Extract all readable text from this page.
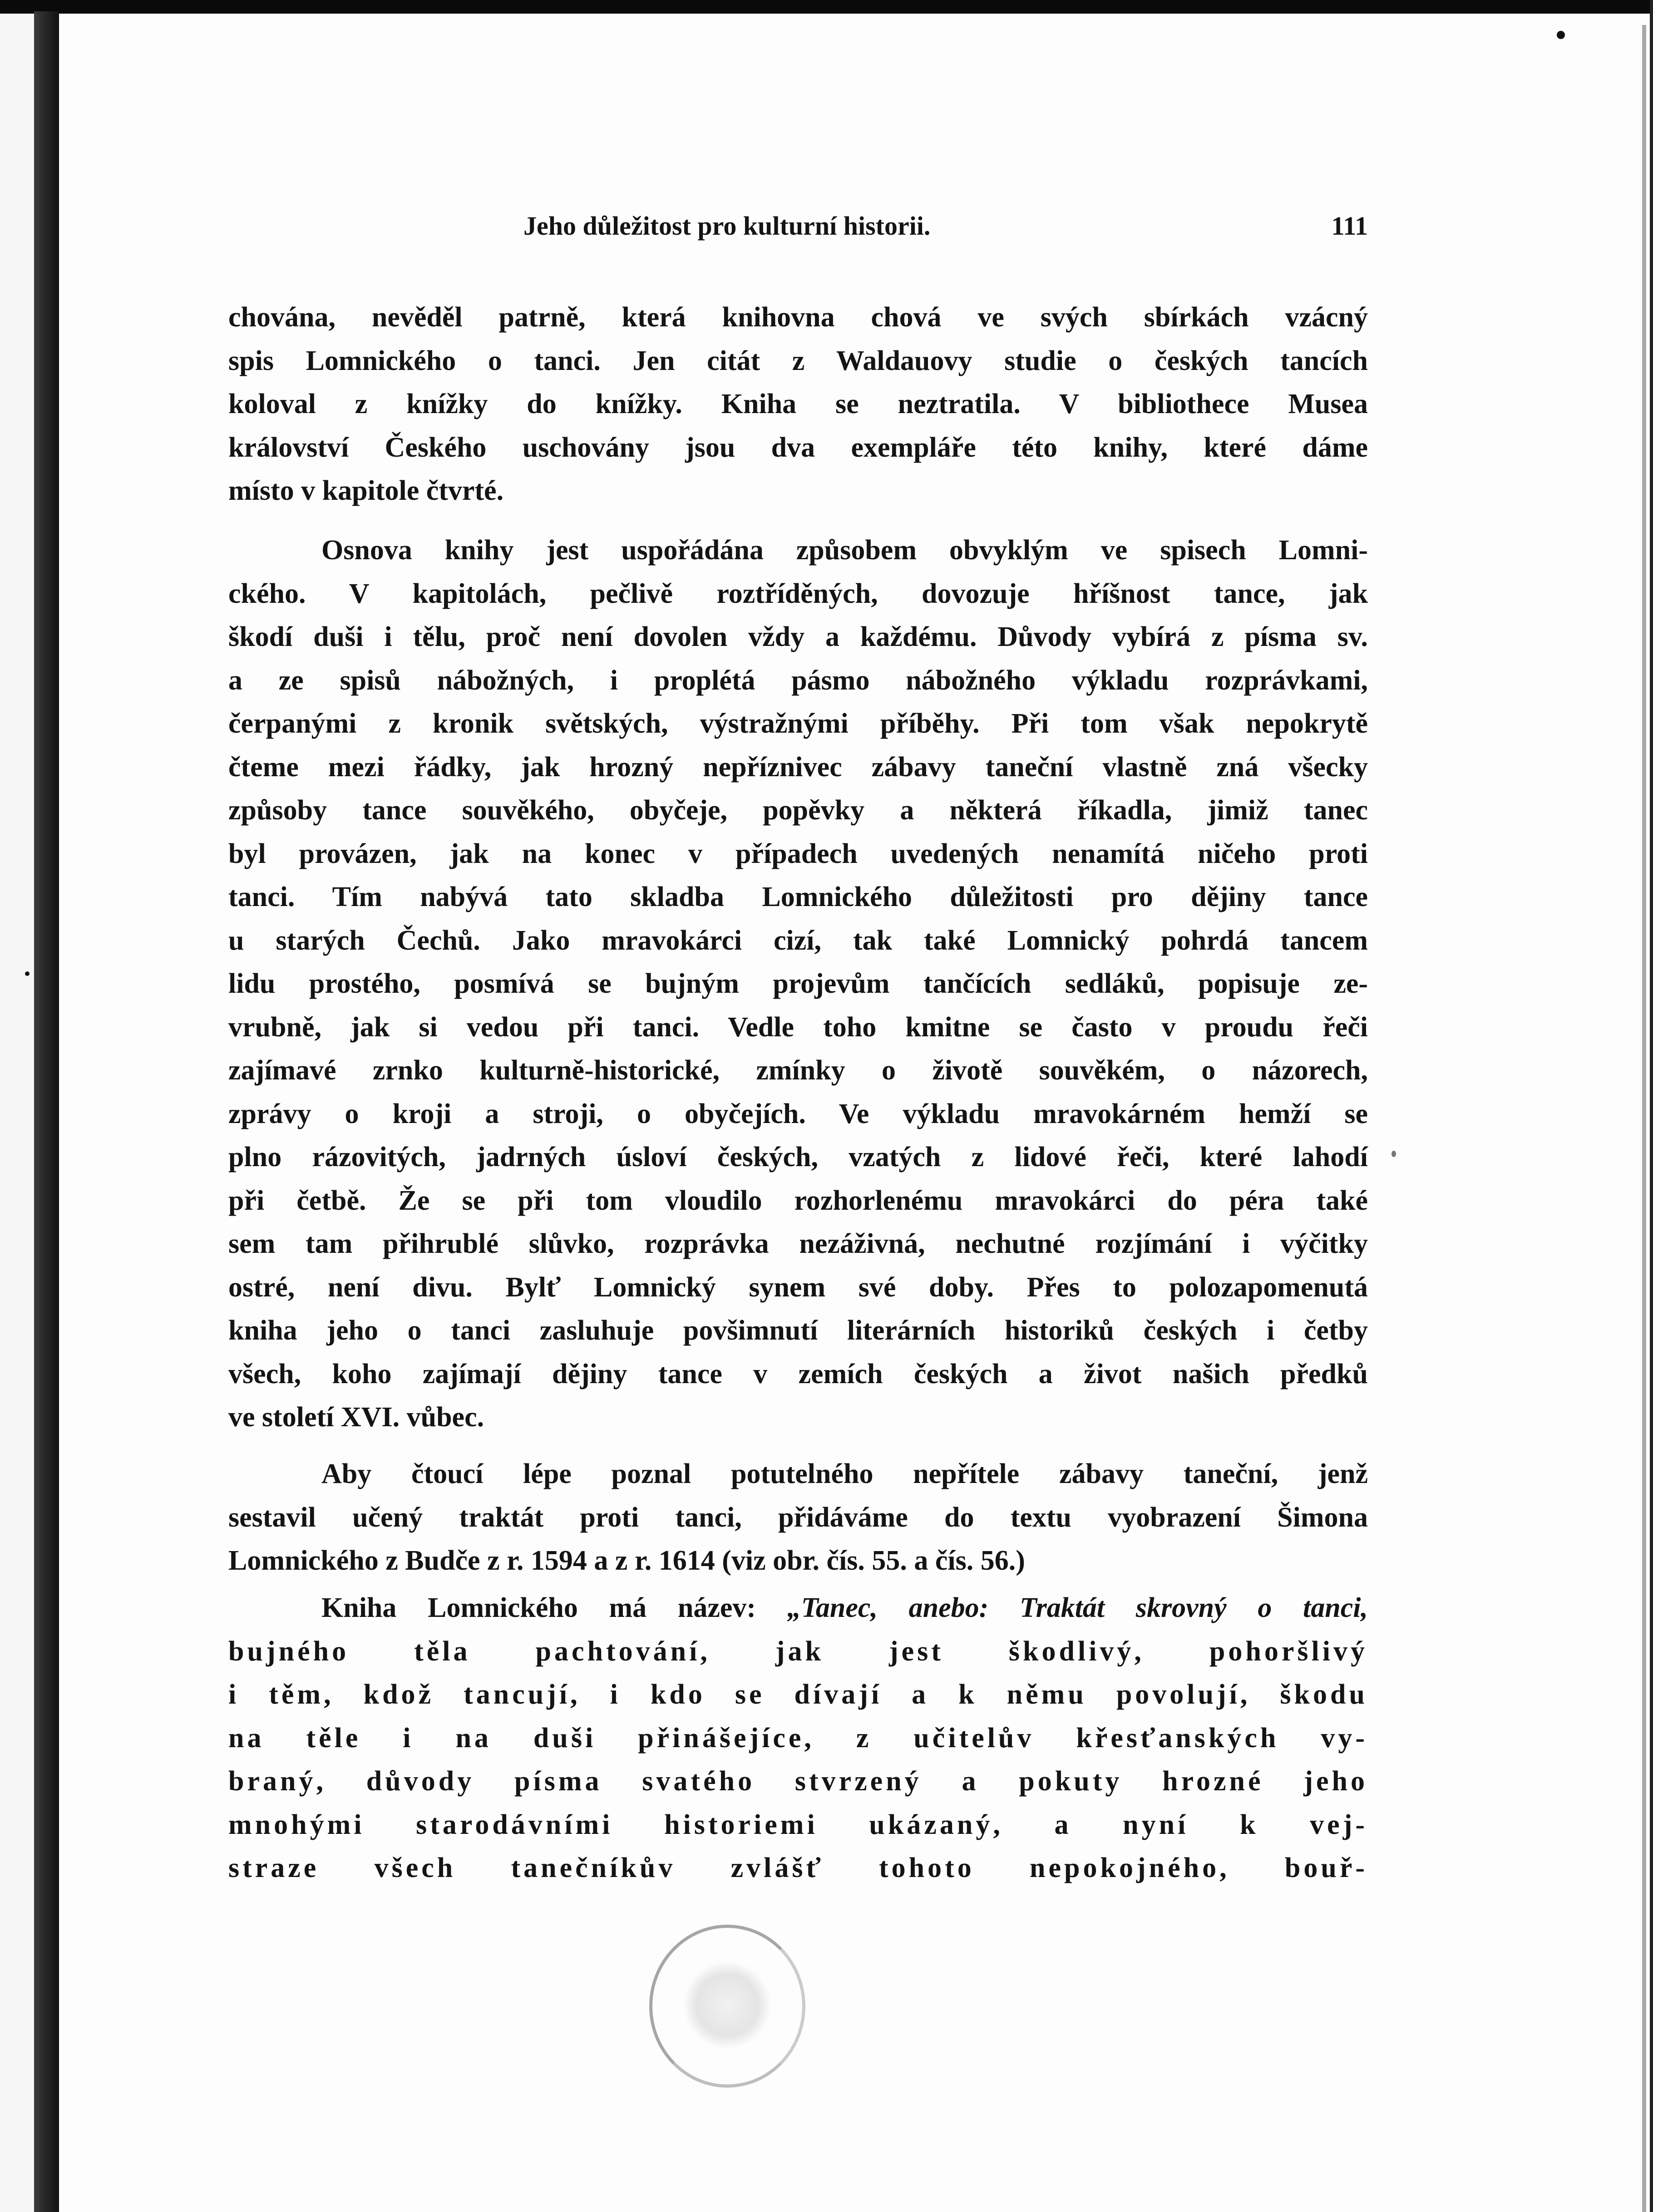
Jeho důležitost pro kulturní historii.	111
chována, nevěděl patrně, která knihovna chová ve svých sbírkách vzácný
spis Lomnického o tanci. Jen citát z Waldauovy studie o českých tancích
koloval z knížky do knížky. Kniha se neztratila. V bibliothece Musea
království Českého uschovány jsou dva exempláře této knihy, které dáme
místo v kapitole čtvrté.
Osnova knihy jest uspořádána způsobem obvyklým ve spisech Lomni-
ckého. V kapitolách, pečlivě roztříděných, dovozuje hříšnost tance, jak
škodí duši i tělu, proč není dovolen vždy a každému. Důvody vybírá z písma sv.
a ze spisů nábožných, i proplétá pásmo nábožného výkladu rozprávkami,
čerpanými z kronik světských, výstražnými příběhy. Při tom však nepokrytě
čteme mezi řádky, jak hrozný nepříznivec zábavy taneční vlastně zná všecky
způsoby tance souvěkého, obyčeje, popěvky a některá říkadla, jimiž tanec
byl provázen, jak na konec v případech uvedených nenamítá ničeho proti
tanci. Tím nabývá tato skladba Lomnického důležitosti pro dějiny tance
u starých Čechů. Jako mravokárci cizí, tak také Lomnický pohrdá tancem
lidu prostého, posmívá se bujným projevům tančících sedláků, popisuje ze-
vrubně, jak si vedou při tanci. Vedle toho kmitne se často v proudu řeči
zajímavé zrnko kulturně-historické, zmínky o životě souvěkém, o názorech,
zprávy o kroji a stroji, o obyčejích. Ve výkladu mravokárném hemží se
plno rázovitých, jadrných úsloví českých, vzatých z lidové řeči, které lahodí
při četbě. Že se při tom vloudilo rozhorlenému mravokárci do péra také
sem tam přihrublé slůvko, rozprávka nezáživná, nechutné rozjímání i výčitky
ostré, není divu. Bylť Lomnický synem své doby. Přes to polozapomenutá
kniha jeho o tanci zasluhuje povšimnutí literárních historiků českých i četby
všech, koho zajímají dějiny tance v zemích českých a život našich předků
ve století XVI. vůbec.
Aby čtoucí lépe poznal potutelného nepřítele zábavy taneční, jenž
sestavil učený traktát proti tanci, přidáváme do textu vyobrazení Šimona
Lomnického z Budče z r. 1594 a z r. 1614 (viz obr. čís. 55. a čís. 56.)
Kniha Lomnického má název: „Tanec, anebo: Traktát skrovný o tanci,
bujného těla pachtování, jak jest škodlivý, pohoršlivý
i těm, kdož tancují, i kdo se dívají a k němu povolují, škodu
na těle i na duši přinášejíce, z učitelův křesťanských vy-
braný, důvody písma svatého stvrzený a pokuty hrozné jeho
mnohými starodávními historiemi ukázaný, a nyní k vej-
straze všech tanečníkův zvlášť tohoto nepokojného, bouř-
